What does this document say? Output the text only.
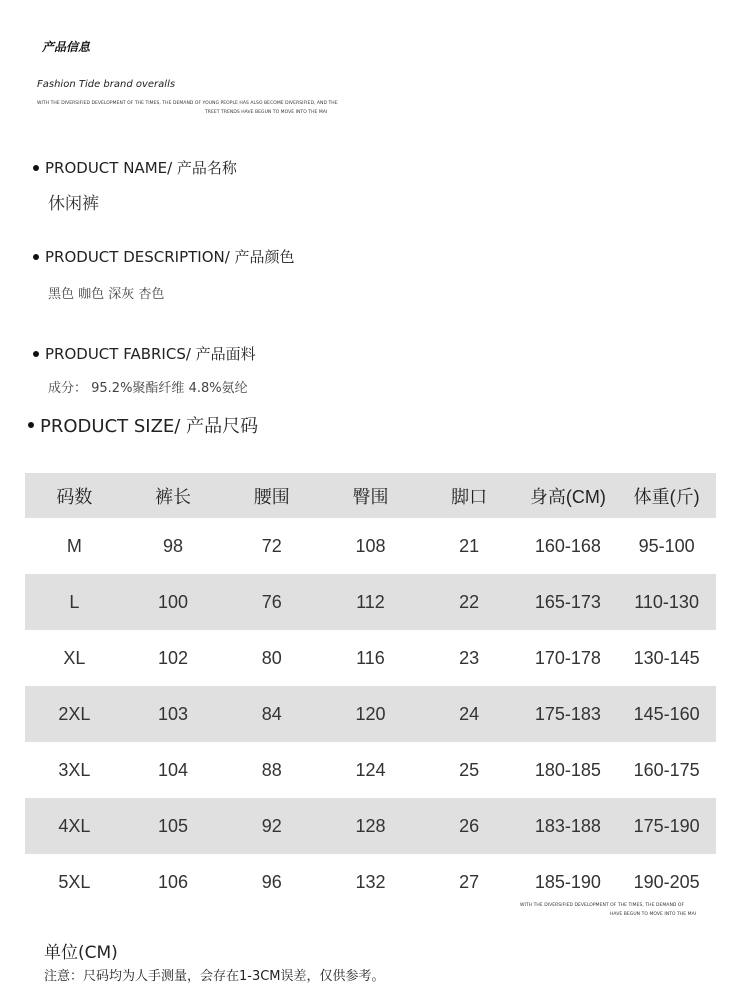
产品信息
Fashion Tide brand overalls
WITH THE DIVERSIFIED DEVELOPMENT OF THE TIMES, THE DEMAND OF YOUNG PEOPLE HAS ALSO BECOME DIVERSIFIED, AND THE
TREET TRENDS HAVE BEGUN TO MOVE INTO THE MAI
PRODUCT NAME/ 产品名称
休闲裤
PRODUCT DESCRIPTION/ 产品颜色
黑色 咖色 深灰 杏色
PRODUCT FABRICS/ 产品面料
成分： 95.2%聚酯纤维 4.8%氨纶
PRODUCT SIZE/ 产品尺码
码数	裤长	腰围	臀围	脚口	身高(CM)	体重(斤)
M	98	72	108	21	160-168	95-100
L	100	76	112	22	165-173	110-130
XL	102	80	116	23	170-178	130-145
2XL	103	84	120	24	175-183	145-160
3XL	104	88	124	25	180-185	160-175
4XL	105	92	128	26	183-188	175-190
5XL	106	96	132	27	185-190	190-205
WITH THE DIVERSIFIED DEVELOPMENT OF THE TIMES, THE DEMAND OF
HAVE BEGUN TO MOVE INTO THE MAI
单位(CM)
注意：尺码均为人手测量，会存在1-3CM误差，仅供参考。
